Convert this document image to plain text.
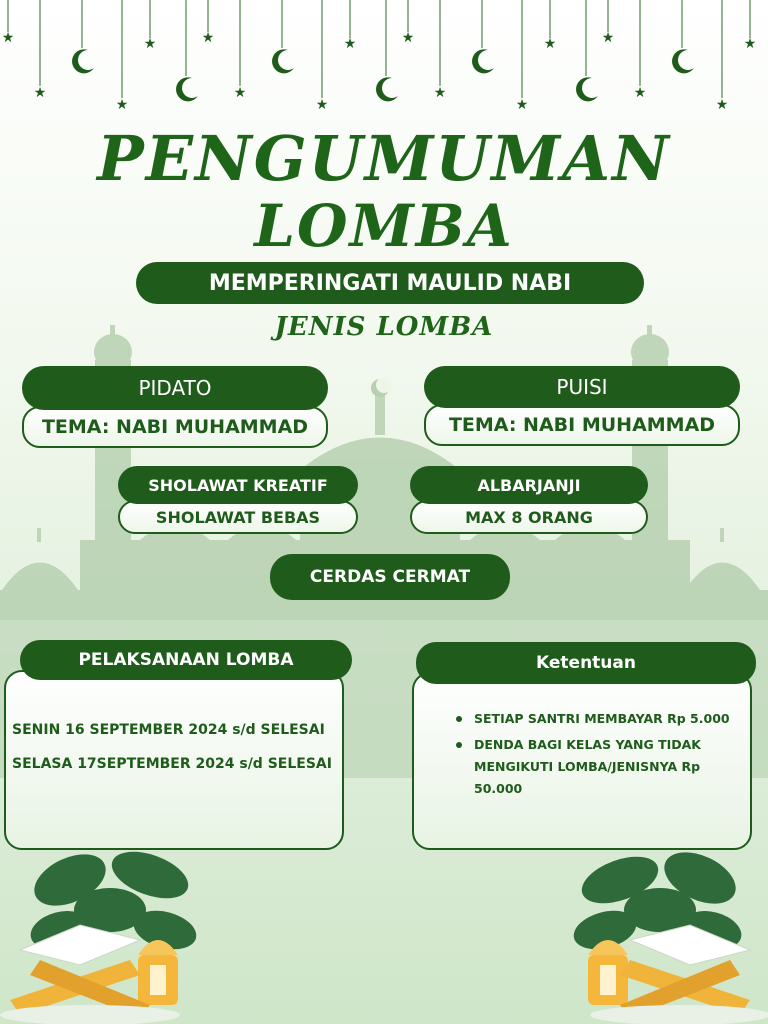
★
★
★
★	★
★
★
★	★
★
★
★	★
★
★
★
PENGUMUMAN
LOMBA
MEMPERINGATI MAULID NABI
JENIS LOMBA
TEMA: NABI MUHAMMAD
PIDATO
TEMA: NABI MUHAMMAD
PUISI
SHOLAWAT BEBAS
SHOLAWAT KREATIF
MAX 8 ORANG
ALBARJANJI
CERDAS CERMAT
PELAKSANAAN LOMBA
SENIN 16 SEPTEMBER 2024 s/d SELESAI
SELASA 17SEPTEMBER 2024 s/d SELESAI
Ketentuan
SETIAP SANTRI MEMBAYAR Rp 5.000
DENDA BAGI KELAS YANG TIDAK MENGIKUTI LOMBA/JENISNYA Rp 50.000
